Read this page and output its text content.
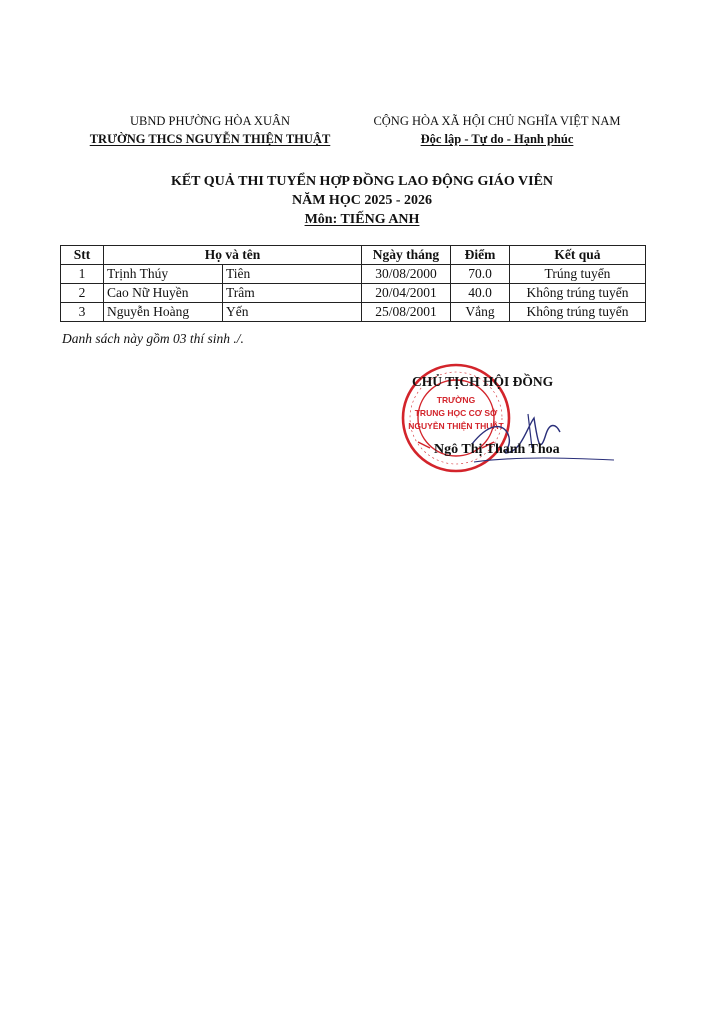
UBND PHƯỜNG HÒA XUÂN
TRƯỜNG THCS NGUYỄN THIỆN THUẬT
CỘNG HÒA XÃ HỘI CHỦ NGHĨA VIỆT NAM
Độc lập - Tự do - Hạnh phúc
KẾT QUẢ THI TUYỂN HỢP ĐỒNG LAO ĐỘNG GIÁO VIÊN
NĂM HỌC 2025 - 2026
Môn: TIẾNG ANH
Stt	Họ và tên		Ngày tháng	Điểm	Kết quả
1	Trịnh Thúy	Tiên	30/08/2000	70.0	Trúng tuyển
2	Cao Nữ Huyền	Trâm	20/04/2001	40.0	Không trúng tuyển
3	Nguyễn Hoàng	Yến	25/08/2001	Vắng	Không trúng tuyển
Danh sách này gồm 03 thí sinh ./.
TRƯỜNG
TRUNG HỌC CƠ SỞ
NGUYỄN THIỆN THUẬT
CHỦ TỊCH HỘI ĐỒNG
Ngô Thị Thanh Thoa
